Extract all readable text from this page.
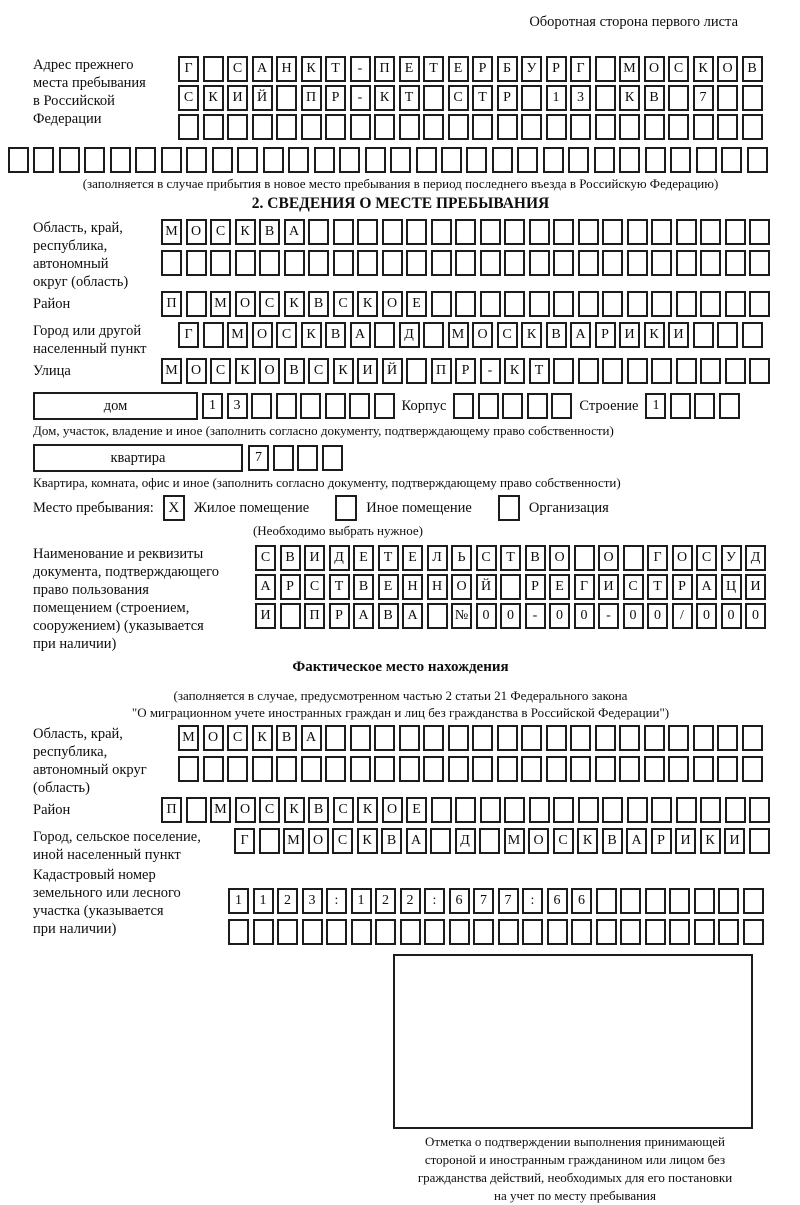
Оборотная сторона первого листа
Адрес прежнего
места пребывания
в Российской
Федерации
Г	С	А	Н	К	Т	-	П	Е	Т	Е	Р	Б	У	Р	Г	М О	С	К	О	В
С	К	И	Й	П	Р	-	К	Т	С	Т	Р	1	3	К	В	7
(заполняется в случае прибытия в новое место пребывания в период последнего въезда в Российскую Федерацию)
2. СВЕДЕНИЯ О МЕСТЕ ПРЕБЫВАНИЯ
Область, край,
республика,
автономный
округ (область)
М О	С	К	В	А
Район	П	М О	С	К	В	С	К	О	Е
Город или другой
населенный пункт
Г	М О	С	К	В	А	Д	М О	С	К	В	А	Р	И	К	И
Улица	М О	С	К	О	В	С	К	И	Й	П	Р	-	К	Т
дом	1	3	Корпус	Строение	1
Дом, участок, владение и иное (заполнить согласно документу, подтверждающему право собственности)
квартира	7
Квартира, комната, офис и иное (заполнить согласно документу, подтверждающему право собственности)
Место пребывания: X	Жилое помещение	Иное помещение	Организация
(Необходимо выбрать нужное)
Наименование и реквизиты
документа, подтверждающего
право пользования
помещением (строением,
сооружением) (указывается
при наличии)
С	В	И	Д	Е	Т	Е	Л	Ь	С	Т	В	О	О	Г	О	С	У	Д
А	Р	С	Т	В	Е	Н	Н	О	Й	Р	Е	Г	И	С	Т	Р	А	Ц	И
И	П	Р	А	В	А	№	0	0	-	0	0	-	0	0	/	0	0	0
Фактическое место нахождения
(заполняется в случае, предусмотренном частью 2 статьи 21 Федерального закона
"О миграционном учете иностранных граждан и лиц без гражданства в Российской Федерации")
Область, край,
республика,
автономный округ
(область)
М О	С	К	В	А
Район	П	М О	С	К	В	С	К	О	Е
Город, сельское поселение,
иной населенный пункт
Г	М О	С	К	В	А	Д	М О	С	К	В	А	Р	И	К	И
Кадастровый номер
земельного или лесного
участка (указывается
при наличии)
1	1	2	3	:	1	2	2	:	6	7	7	:	6	6
Отметка о подтверждении выполнения принимающей
стороной и иностранным гражданином или лицом без
гражданства действий, необходимых для его постановки
на учет по месту пребывания
